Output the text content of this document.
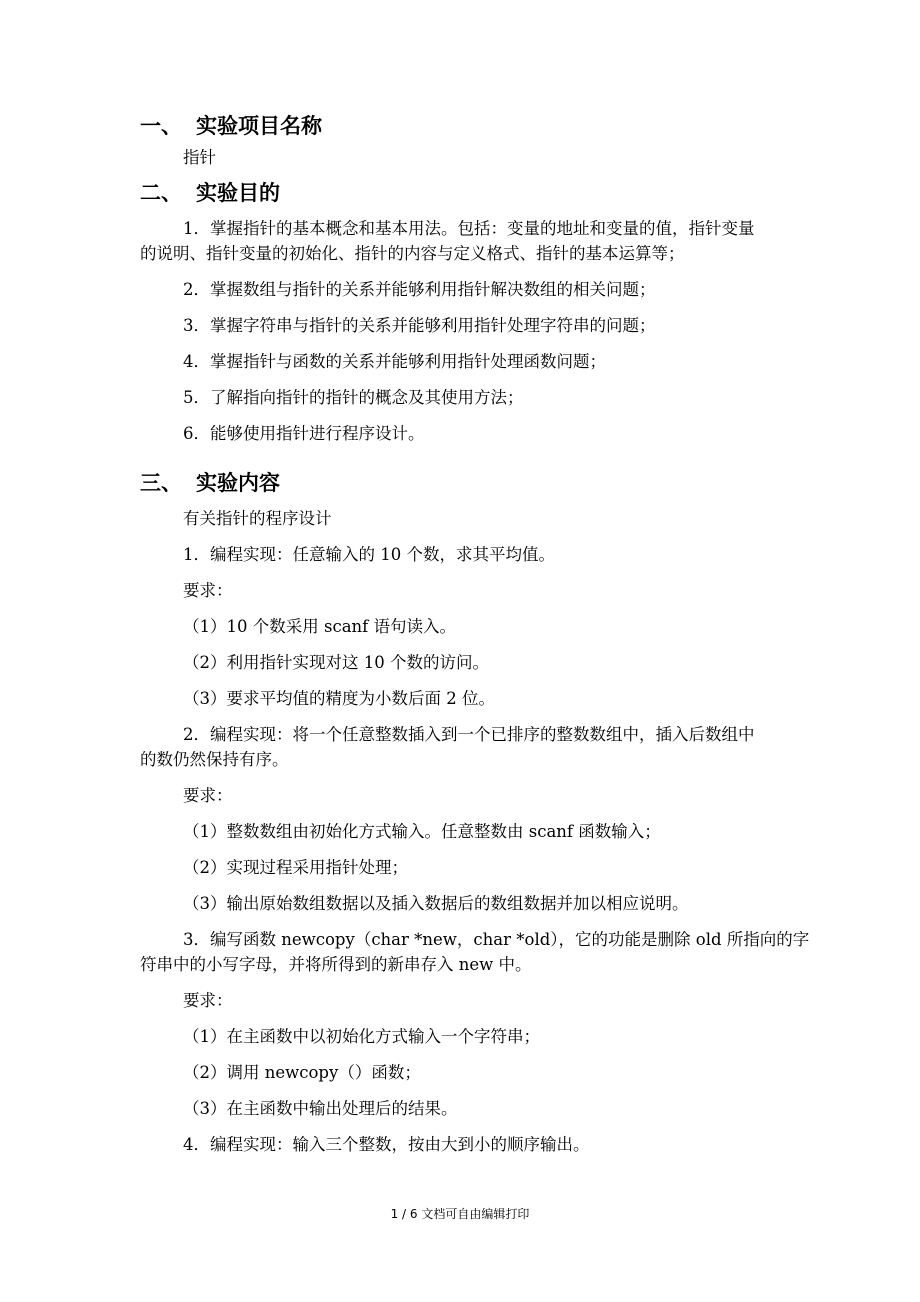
一、 实验项目名称
指针
二、 实验目的
1．掌握指针的基本概念和基本用法。包括：变量的地址和变量的值，指针变量
的说明、指针变量的初始化、指针的内容与定义格式、指针的基本运算等；
2．掌握数组与指针的关系并能够利用指针解决数组的相关问题；
3．掌握字符串与指针的关系并能够利用指针处理字符串的问题；
4．掌握指针与函数的关系并能够利用指针处理函数问题；
5．了解指向指针的指针的概念及其使用方法；
6．能够使用指针进行程序设计。
三、 实验内容
有关指针的程序设计
1．编程实现：任意输入的 10 个数，求其平均值。
要求：
（1）10 个数采用 scanf 语句读入。
（2）利用指针实现对这 10 个数的访问。
（3）要求平均值的精度为小数后面 2 位。
2．编程实现：将一个任意整数插入到一个已排序的整数数组中，插入后数组中
的数仍然保持有序。
要求：
（1）整数数组由初始化方式输入。任意整数由 scanf 函数输入；
（2）实现过程采用指针处理；
（3）输出原始数组数据以及插入数据后的数组数据并加以相应说明。
3．编写函数 newcopy（char *new，char *old），它的功能是删除 old 所指向的字
符串中的小写字母，并将所得到的新串存入 new 中。
要求：
（1）在主函数中以初始化方式输入一个字符串；
（2）调用 newcopy（）函数；
（3）在主函数中输出处理后的结果。
4．编程实现：输入三个整数，按由大到小的顺序输出。
1 / 6 文档可自由编辑打印
